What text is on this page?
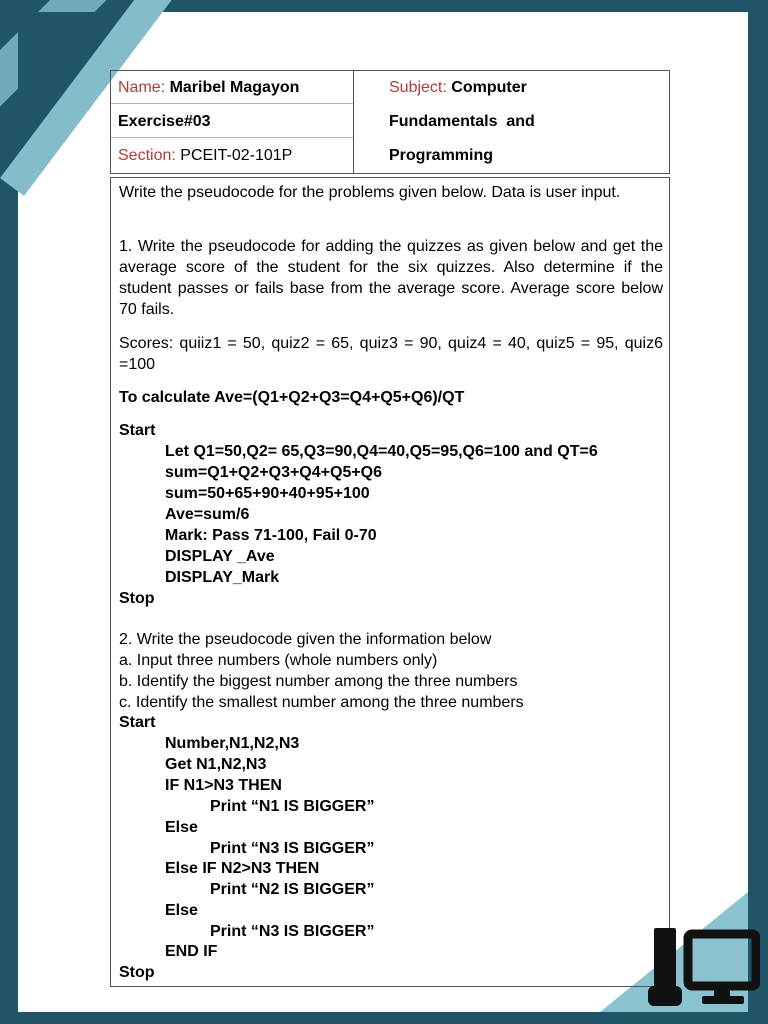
Name: Maribel Magayon
Exercise#03
Section: PCEIT-02-101P
Subject: Computer
Fundamentals  and
Programming
Write the pseudocode for the problems given below. Data is user input.
1. Write the pseudocode for adding the quizzes as given below and get the average score of the student for the six quizzes. Also determine if the student passes or fails base from the average score. Average score below 70 fails.
Scores: quiiz1 = 50, quiz2 = 65, quiz3 = 90, quiz4 = 40, quiz5 = 95, quiz6 =100
To calculate Ave=(Q1+Q2+Q3=Q4+Q5+Q6)/QT
Start
Let Q1=50,Q2= 65,Q3=90,Q4=40,Q5=95,Q6=100 and QT=6
sum=Q1+Q2+Q3+Q4+Q5+Q6
sum=50+65+90+40+95+100
Ave=sum/6
Mark: Pass 71-100, Fail 0-70
DISPLAY _Ave
DISPLAY_Mark
Stop
2. Write the pseudocode given the information below
a. Input three numbers (whole numbers only)
b. Identify the biggest number among the three numbers
c. Identify the smallest number among the three numbers
Start
Number,N1,N2,N3
Get N1,N2,N3
IF N1>N3 THEN
Print “N1 IS BIGGER”
Else
Print “N3 IS BIGGER”
Else IF N2>N3 THEN
Print “N2 IS BIGGER”
Else
Print “N3 IS BIGGER”
END IF
Stop
